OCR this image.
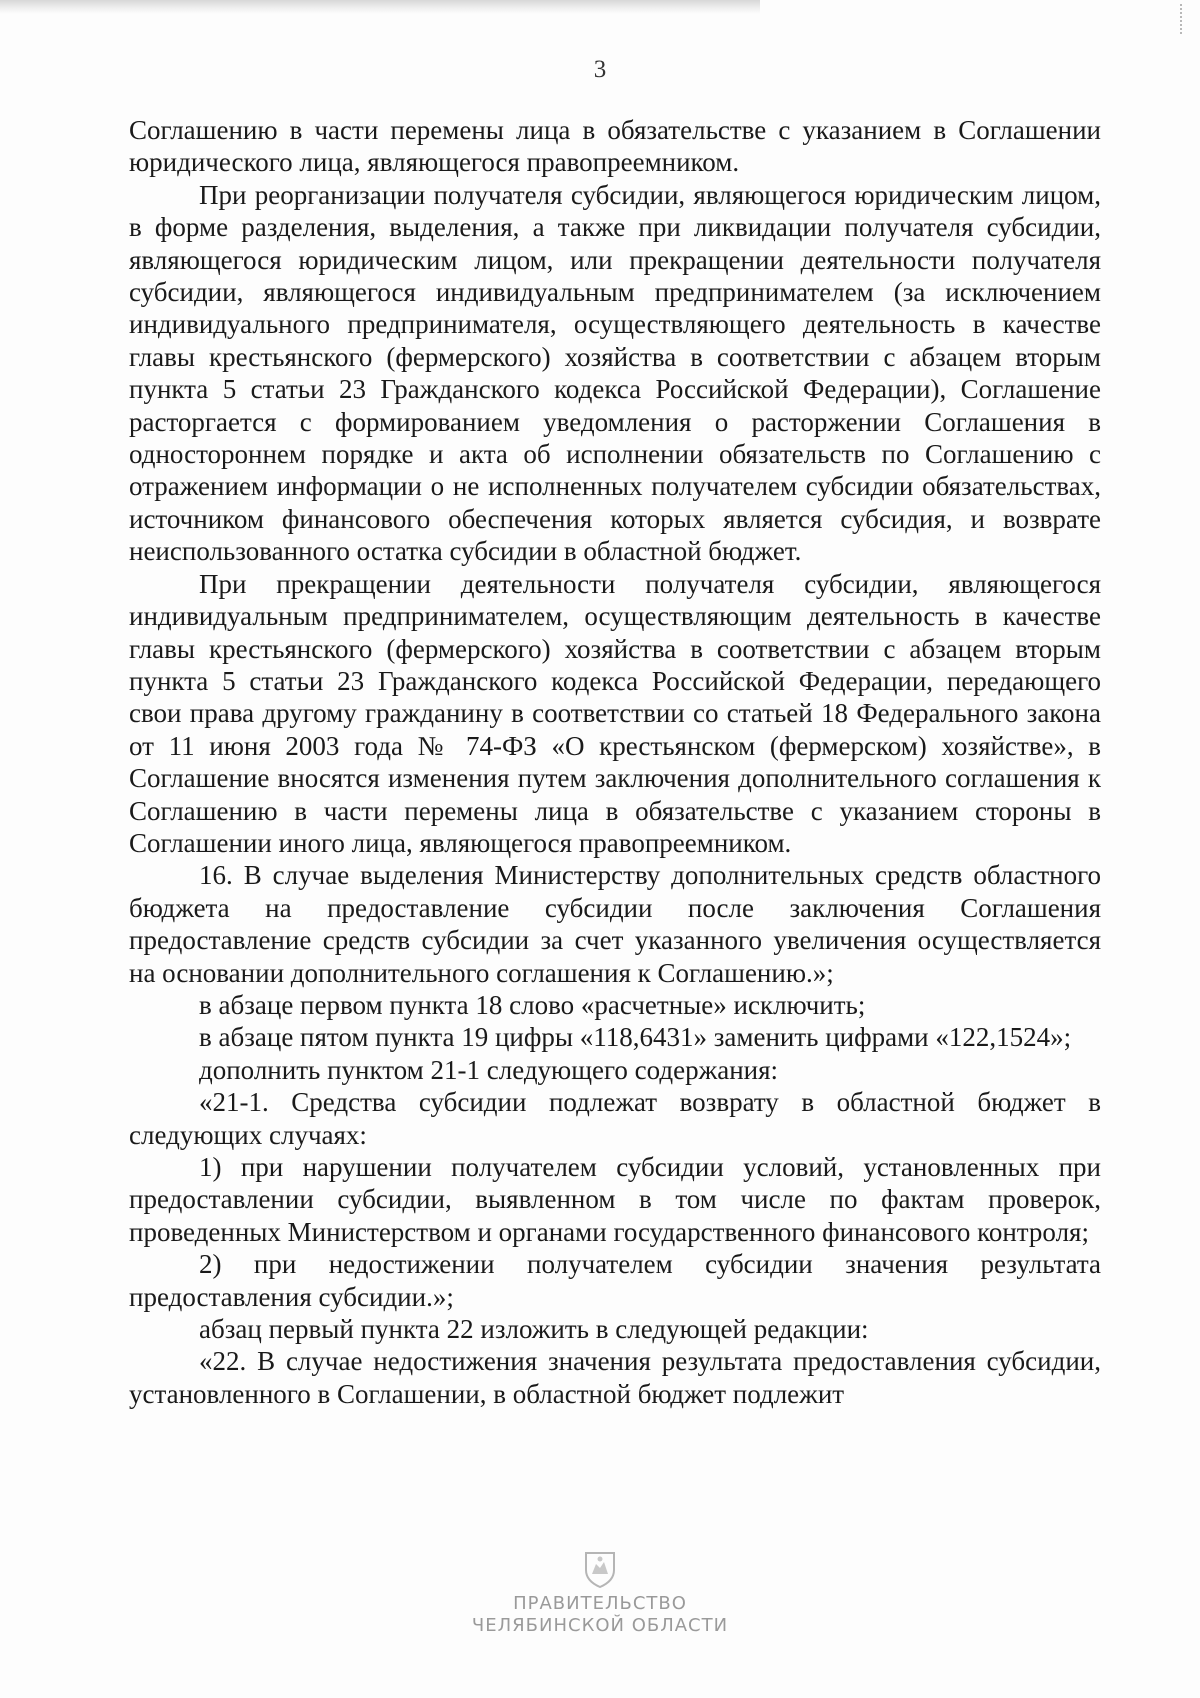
3

Соглашению в части перемены лица в обязательстве с указанием в Соглашении юридического лица, являющегося правопреемником.

При реорганизации получателя субсидии, являющегося юридическим лицом, в форме разделения, выделения, а также при ликвидации получателя субсидии, являющегося юридическим лицом, или прекращении деятельности получателя субсидии, являющегося индивидуальным предпринимателем (за исключением индивидуального предпринимателя, осуществляющего деятельность в качестве главы крестьянского (фермерского) хозяйства в соответствии с абзацем вторым пункта 5 статьи 23 Гражданского кодекса Российской Федерации), Соглашение расторгается с формированием уведомления о расторжении Соглашения в одностороннем порядке и акта об исполнении обязательств по Соглашению с отражением информации о не исполненных получателем субсидии обязательствах, источником финансового обеспечения которых является субсидия, и возврате неиспользованного остатка субсидии в областной бюджет.

При прекращении деятельности получателя субсидии, являющегося индивидуальным предпринимателем, осуществляющим деятельность в качестве главы крестьянского (фермерского) хозяйства в соответствии с абзацем вторым пункта 5 статьи 23 Гражданского кодекса Российской Федерации, передающего свои права другому гражданину в соответствии со статьей 18 Федерального закона от 11 июня 2003 года № 74-ФЗ «О крестьянском (фермерском) хозяйстве», в Соглашение вносятся изменения путем заключения дополнительного соглашения к Соглашению в части перемены лица в обязательстве с указанием стороны в Соглашении иного лица, являющегося правопреемником.

16. В случае выделения Министерству дополнительных средств областного бюджета на предоставление субсидии после заключения Соглашения предоставление средств субсидии за счет указанного увеличения осуществляется на основании дополнительного соглашения к Соглашению.»;

в абзаце первом пункта 18 слово «расчетные» исключить;

в абзаце пятом пункта 19 цифры «118,6431» заменить цифрами «122,1524»;

дополнить пунктом 21-1 следующего содержания:

«21-1. Средства субсидии подлежат возврату в областной бюджет в следующих случаях:

1) при нарушении получателем субсидии условий, установленных при предоставлении субсидии, выявленном в том числе по фактам проверок, проведенных Министерством и органами государственного финансового контроля;

2) при недостижении получателем субсидии значения результата предоставления субсидии.»;

абзац первый пункта 22 изложить в следующей редакции:

«22. В случае недостижения значения результата предоставления субсидии, установленного в Соглашении, в областной бюджет подлежит

ПРАВИТЕЛЬСТВО
ЧЕЛЯБИНСКОЙ ОБЛАСТИ
